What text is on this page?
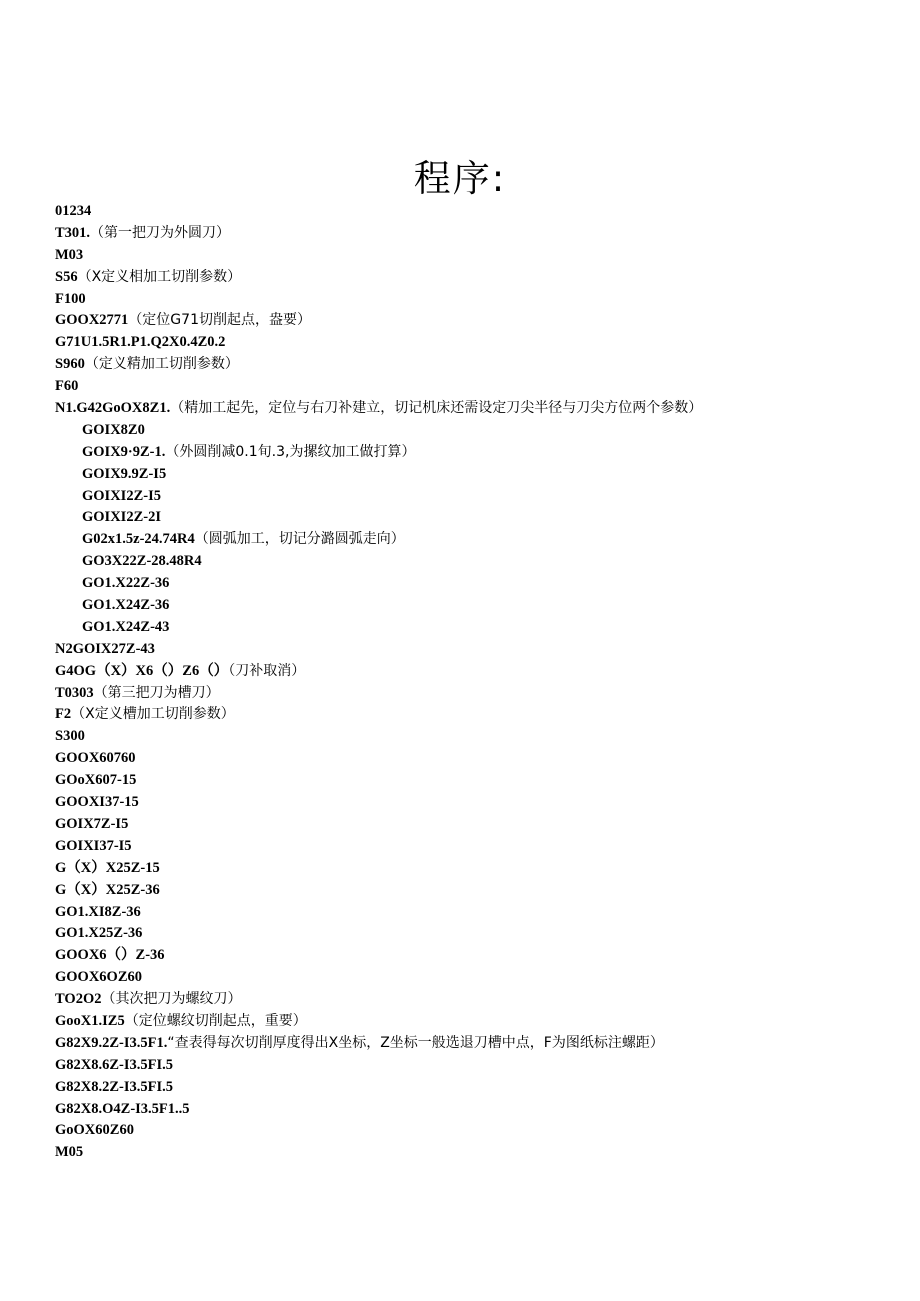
程序:
01234
T301.（第一把刀为外圆刀）
M03
S56（X定义相加工切削参数）
F100
GOOX2771（定位G71切削起点，盎要）
G71U1.5R1.P1.Q2X0.4Z0.2
S960（定义精加工切削参数）
F60
N1.G42GoOX8Z1.（精加工起先，定位与右刀补建立，切记机床还需设定刀尖半径与刀尖方位两个参数）
GOIX8Z0
GOIX9·9Z-1.（外圆削减0.1旬.3,为摞纹加工做打算）
GOIX9.9Z-I5
GOIXI2Z-I5
GOIXI2Z-2I
G02x1.5z-24.74R4（圆弧加工，切记分潞圆弧走向）
GO3X22Z-28.48R4
GO1.X22Z-36
GO1.X24Z-36
GO1.X24Z-43
N2GOIX27Z-43
G4OG（X）X6（）Z6（）（刀补取消）
T0303（第三把刀为槽刀）
F2（X定义槽加工切削参数）
S300
GOOX60760
GOoX607-15
GOOXI37-15
GOIX7Z-I5
GOIXI37-I5
G（X）X25Z-15
G（X）X25Z-36
GO1.XI8Z-36
GO1.X25Z-36
GOOX6（）Z-36
GOOX6OZ60
TO2O2（其次把刀为螺纹刀）
GooX1.IZ5（定位螺纹切削起点，重要）
G82X9.2Z-I3.5F1.“查表得每次切削厚度得出X坐标，Z坐标一般选退刀槽中点，F为图纸标注螺距）
G82X8.6Z-I3.5FI.5
G82X8.2Z-I3.5FI.5
G82X8.O4Z-I3.5F1..5
GoOX60Z60
M05
